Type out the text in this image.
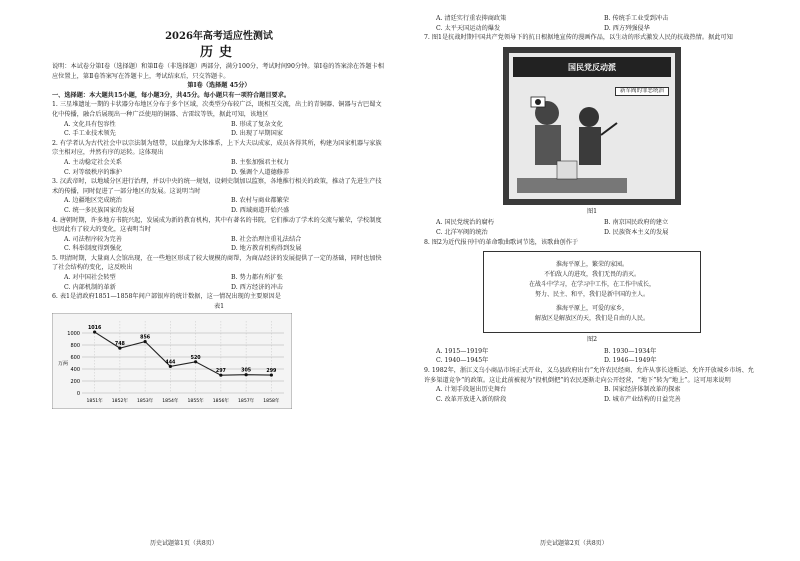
2026年高考适应性测试
历史

说明：本试卷分第Ⅰ卷（选择题）和第Ⅱ卷（非选择题）两部分，满分100分，考试时间90分钟。第Ⅰ卷的答案涂在答题卡相应位置上，第Ⅱ卷答案写在答题卡上，考试结束后，只交答题卡。

第Ⅰ卷（选择题 45分）

一、选择题：本大题共15小题，每小题3分，共45分。每小题只有一项符合题目要求。

1. 三星堆遗址一期的卡状器分布地区分布于多个区域，次类型分布较广泛，既相互交流，出土的青铜器、铜器与古巴蜀文化中传播，融合后展现出一种广泛使用的铜器、古雷纹等铁，据此可知，该地区

A. 文化具有包容性	B. 形成了复杂文化
C. 手工业技术领先	D. 出现了早期国家

2. 有学者认为古代社会中以宗法制为纽带，以血缘为大体维系，上下大夫以成家，成员各得其所，构建为国家机器与家族宗主相对应，井然有序的运转。这体现出

A. 主动稳定社会关系	B. 主张加强君主权力
C. 对等级秩序的维护	D. 强调个人道德修养

3. 汉武帝时，以地域分区进行治理，并以中央的统一规划，设刺史制加以监察，各地推行相关的政策，推动了先进生产技术的传播，同时促进了一部分地区的发展。这说明当时

A. 边疆地区完成统治	B. 农村与商业都繁荣
C. 统一多民族国家的发展	D. 西域商道开始兴盛

4. 唐朝时期，许多地方书院兴起，发展成为新的教育机构，其中有著名的书院，它们推动了学术的交流与繁荣，学校制度也因此有了较大的变化，这表明当时

A. 司法程序较为完善	B. 社会治理注重礼法结合
C. 科举制度得到强化	D. 地方教育机构得到发展

5. 明清时期，大量商人会馆出现，在一些地区形成了较大规模的商帮，为商品经济的发展提供了一定的基础，同时也加快了社会结构的变化，这反映出

A. 对中国社会转型	B. 势力都有所扩张
C. 内部机制的革新	D. 西方经济的冲击

6. 表1是清政府1851—1858年间户部银库的统计数据，这一情况出现的主要原因是

表1
0
200
400
600
800
1000
1851年 1852年 1853年 1854年 1855年 1856年 1857年 1858年
1016
748
856
444
520
297	305	299
万两
历史试题第1页（共8页）
A. 清廷实行重农抑商政策	B. 传统手工业受到冲击
C. 太平天国运动的爆发	D. 西方列强侵华

7. 图1是抗战时期中国共产党领导下的抗日根据地宣传的漫画作品，以生动的形式激发人民的抗战热情。据此可知

国民党反动派
新军阀的罪恶统治
图1
A. 国民党统治的腐朽	B. 南京国民政府的建立
C. 北洋军阀的统治	D. 民族资本主义的发展

8. 图2为近代报刊中的革命歌曲歌词节选，该歌曲创作于

淮海平原上，繁荣的家园。

不怕敌人的进攻，我们无畏的消灭。

在战斗中学习，在学习中工作，在工作中成长，

努力、民主、和平，我们是新中国的主人。

淮海平原上，可爱的家乡，

解放区是解放区的天，我们是自由的人民。

图2
A. 1915—1919年	B. 1930—1934年
C. 1940—1945年	D. 1946—1949年

9. 1982年，浙江义乌小商品市场正式开业，义乌县政府出台“允许农民经商、允许从事长途贩运、允许开放城乡市场、允许多渠道竞争”的政策。这让此前被视为“投机倒把”的农民逐渐走向公开经营，“地下”转为“地上”。这可用来说明

A. 计划手段退出历史舞台	B. 国家经济体制改革的探索
C. 改革开放进入新的阶段	D. 城市产业结构的日益完善
历史试题第2页（共8页）
